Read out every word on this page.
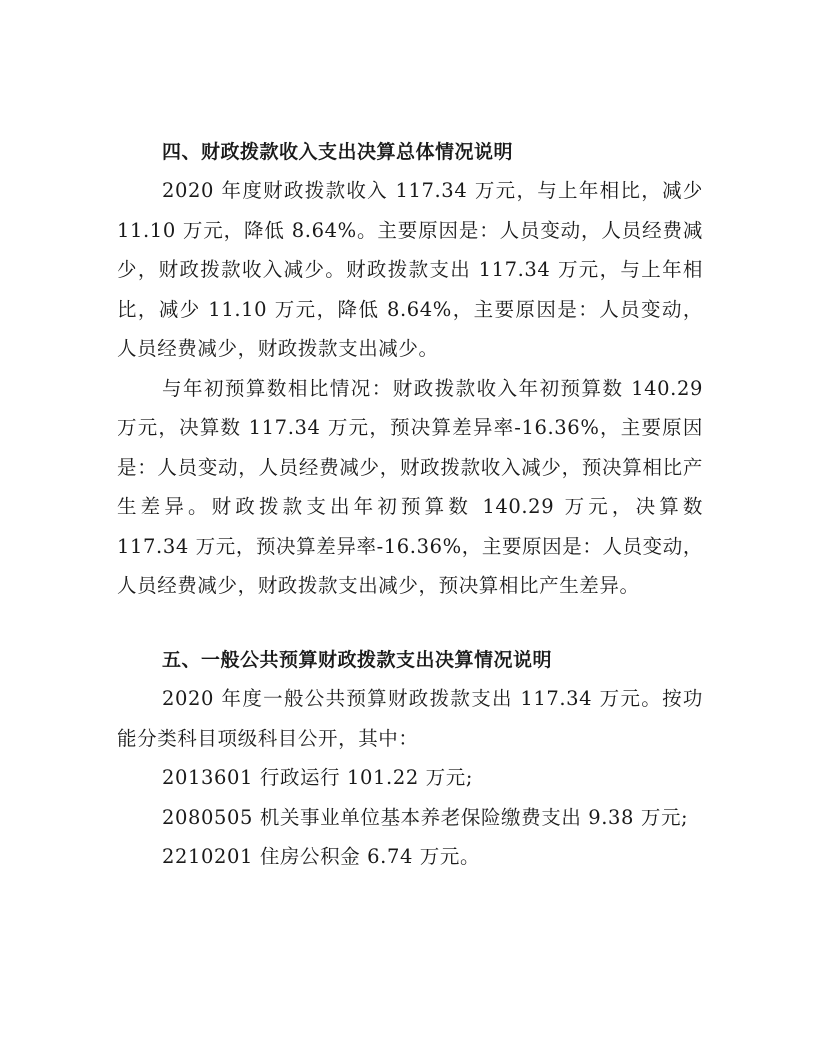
四、财政拨款收入支出决算总体情况说明

2020 年度财政拨款收入 117.34 万元，与上年相比，减少 11.10 万元，降低 8.64%。主要原因是：人员变动，人员经费减少，财政拨款收入减少。财政拨款支出 117.34 万元，与上年相比，减少 11.10 万元，降低 8.64%，主要原因是：人员变动，人员经费减少，财政拨款支出减少。

与年初预算数相比情况：财政拨款收入年初预算数 140.29 万元，决算数 117.34 万元，预决算差异率-16.36%，主要原因是：人员变动，人员经费减少，财政拨款收入减少，预决算相比产生差异。财政拨款支出年初预算数 140.29 万元，决算数 117.34 万元，预决算差异率-16.36%，主要原因是：人员变动，人员经费减少，财政拨款支出减少，预决算相比产生差异。

五、一般公共预算财政拨款支出决算情况说明

2020 年度一般公共预算财政拨款支出 117.34 万元。按功能分类科目项级科目公开，其中：

2013601 行政运行 101.22 万元;

2080505 机关事业单位基本养老保险缴费支出 9.38 万元;

2210201 住房公积金 6.74 万元。
